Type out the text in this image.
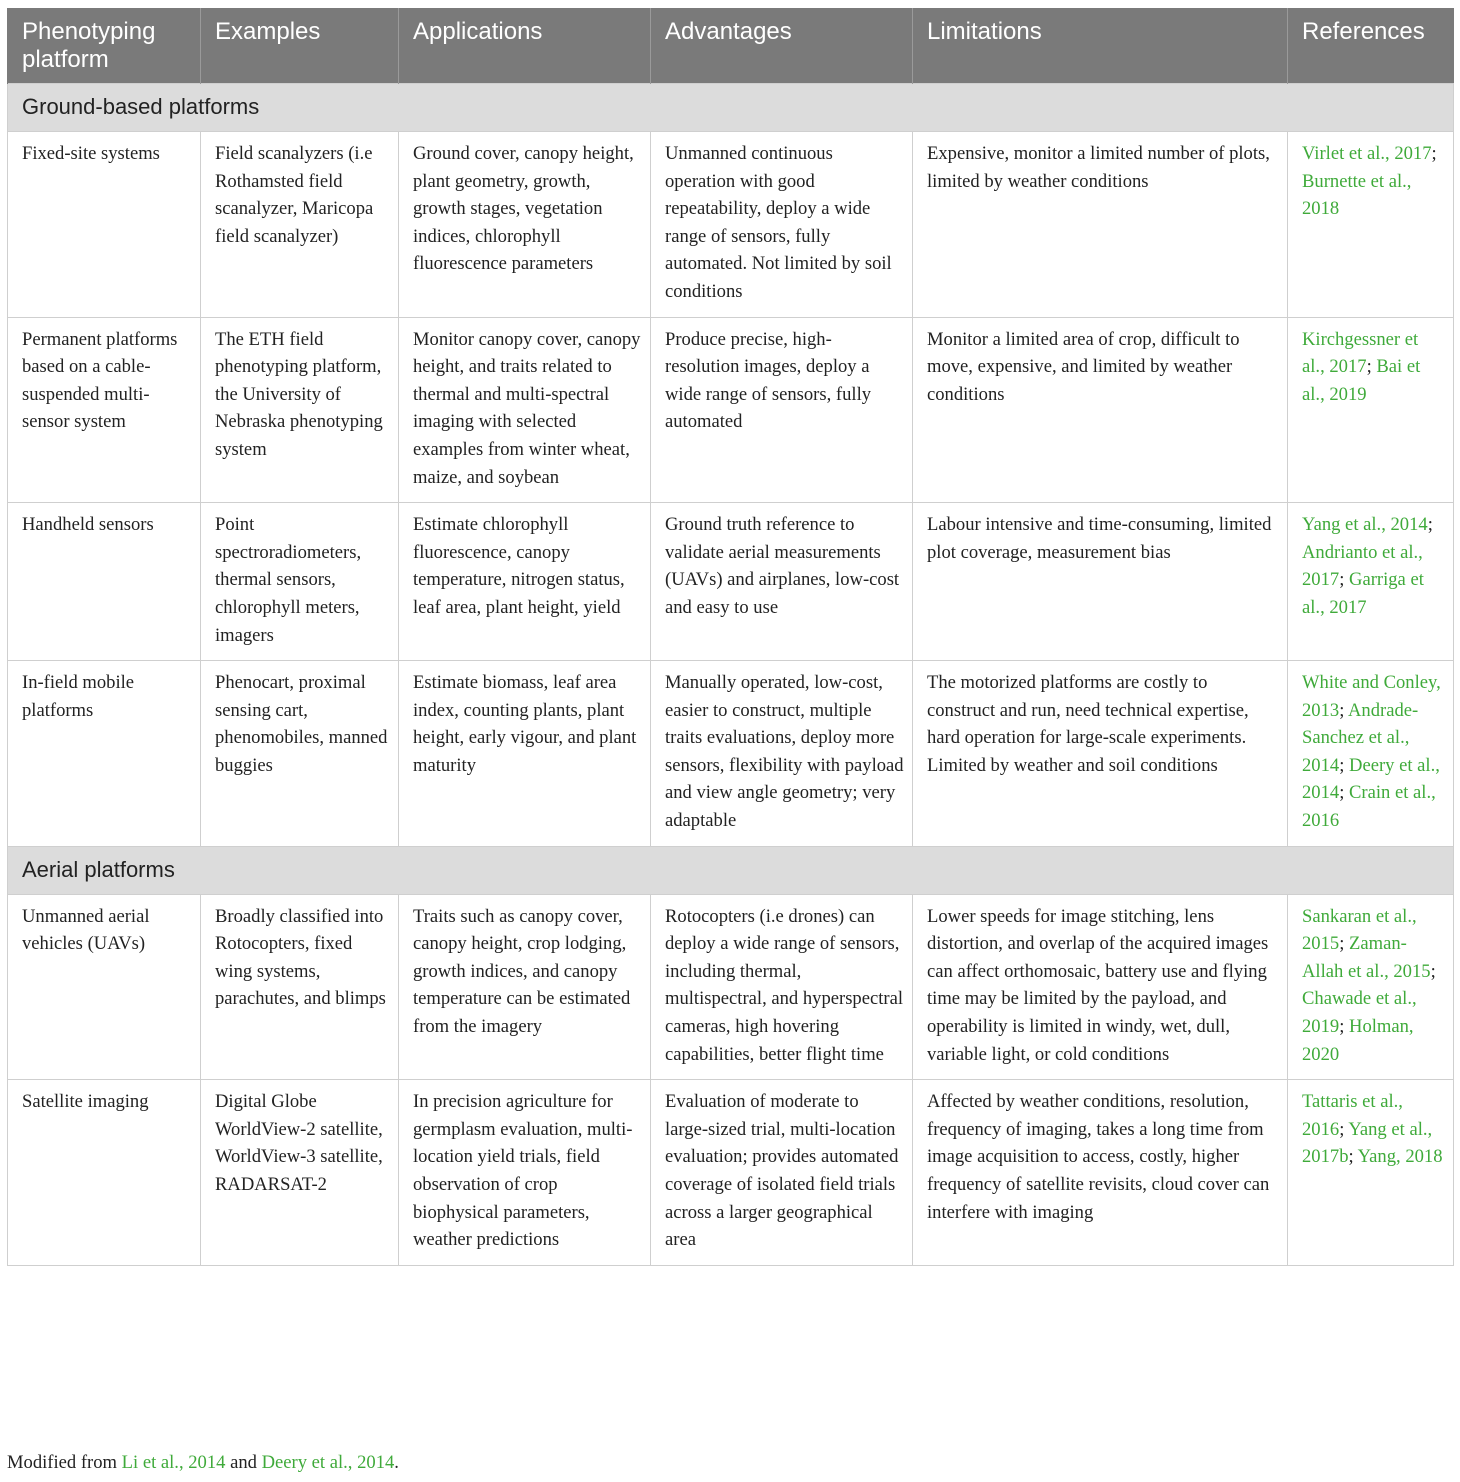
Phenotyping platform	Examples	Applications	Advantages	Limitations	References
Ground-based platforms					
Fixed-site systems	Field scanalyzers (i.e Rothamsted field scanalyzer, Maricopa field scanalyzer)	Ground cover, canopy height, plant geometry, growth, growth stages, vegetation indices, chlorophyll fluorescence parameters	Unmanned continuous operation with good repeatability, deploy a wide range of sensors, fully automated. Not limited by soil conditions	Expensive, monitor a limited number of plots, limited by weather conditions	Virlet et al., 2017; Burnette et al., 2018
Permanent platforms based on a cable-suspended multi-sensor system	The ETH field phenotyping platform, the University of Nebraska phenotyping system	Monitor canopy cover, canopy height, and traits related to thermal and multi-spectral imaging with selected examples from winter wheat, maize, and soybean	Produce precise, high-resolution images, deploy a wide range of sensors, fully automated	Monitor a limited area of crop, difficult to move, expensive, and limited by weather conditions	Kirchgessner et al., 2017; Bai et al., 2019
Handheld sensors	Point spectroradiometers, thermal sensors, chlorophyll meters, imagers	Estimate chlorophyll fluorescence, canopy temperature, nitrogen status, leaf area, plant height, yield	Ground truth reference to validate aerial measurements (UAVs) and airplanes, low-cost and easy to use	Labour intensive and time-consuming, limited plot coverage, measurement bias	Yang et al., 2014; Andrianto et al., 2017; Garriga et al., 2017
In-field mobile platforms	Phenocart, proximal sensing cart, phenomobiles, manned buggies	Estimate biomass, leaf area index, counting plants, plant height, early vigour, and plant maturity	Manually operated, low-cost, easier to construct, multiple traits evaluations, deploy more sensors, flexibility with payload and view angle geometry; very adaptable	The motorized platforms are costly to construct and run, need technical expertise, hard operation for large-scale experiments. Limited by weather and soil conditions	White and Conley, 2013; Andrade-Sanchez et al., 2014; Deery et al., 2014; Crain et al., 2016
Aerial platforms					
Unmanned aerial vehicles (UAVs)	Broadly classified into Rotocopters, fixed wing systems, parachutes, and blimps	Traits such as canopy cover, canopy height, crop lodging, growth indices, and canopy temperature can be estimated from the imagery	Rotocopters (i.e drones) can deploy a wide range of sensors, including thermal, multispectral, and hyperspectral cameras, high hovering capabilities, better flight time	Lower speeds for image stitching, lens distortion, and overlap of the acquired images can affect orthomosaic, battery use and flying time may be limited by the payload, and operability is limited in windy, wet, dull, variable light, or cold conditions	Sankaran et al., 2015; Zaman-Allah et al., 2015; Chawade et al., 2019; Holman, 2020
Satellite imaging	Digital Globe WorldView-2 satellite, WorldView-3 satellite, RADARSAT-2	In precision agriculture for germplasm evaluation, multi-location yield trials, field observation of crop biophysical parameters, weather predictions	Evaluation of moderate to large-sized trial, multi-location evaluation; provides automated coverage of isolated field trials across a larger geographical area	Affected by weather conditions, resolution, frequency of imaging, takes a long time from image acquisition to access, costly, higher frequency of satellite revisits, cloud cover can interfere with imaging	Tattaris et al., 2016; Yang et al., 2017b; Yang, 2018
Modified from Li et al., 2014 and Deery et al., 2014.
